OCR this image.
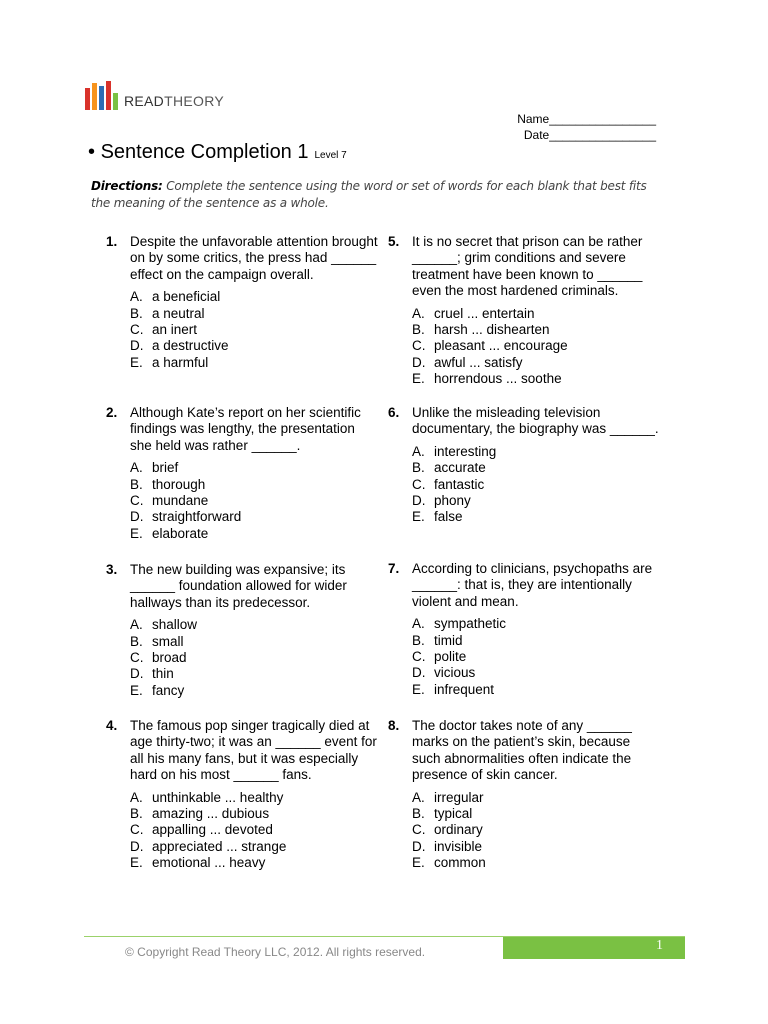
READTHEORY
Name________________
Date________________
• Sentence Completion 1 Level 7
Directions: Complete the sentence using the word or set of words for each blank that best fits the meaning of the sentence as a whole.
1. Despite the unfavorable attention brought on by some critics, the press had ______ effect on the campaign overall.
A. a beneficial
B. a neutral
C. an inert
D. a destructive
E. a harmful
2. Although Kate’s report on her scientific findings was lengthy, the presentation she held was rather ______.
A. brief
B. thorough
C. mundane
D. straightforward
E. elaborate
3. The new building was expansive; its ______ foundation allowed for wider hallways than its predecessor.
A. shallow
B. small
C. broad
D. thin
E. fancy
4. The famous pop singer tragically died at age thirty-two; it was an ______ event for all his many fans, but it was especially hard on his most ______ fans.
A. unthinkable ... healthy
B. amazing ... dubious
C. appalling ... devoted
D. appreciated ... strange
E. emotional ... heavy
5. It is no secret that prison can be rather ______; grim conditions and severe treatment have been known to ______ even the most hardened criminals.
A. cruel ... entertain
B. harsh ... dishearten
C. pleasant ... encourage
D. awful ... satisfy
E. horrendous ... soothe
6. Unlike the misleading television documentary, the biography was ______.
A. interesting
B. accurate
C. fantastic
D. phony
E. false
7. According to clinicians, psychopaths are ______: that is, they are intentionally violent and mean.
A. sympathetic
B. timid
C. polite
D. vicious
E. infrequent
8. The doctor takes note of any ______ marks on the patient’s skin, because such abnormalities often indicate the presence of skin cancer.
A. irregular
B. typical
C. ordinary
D. invisible
E. common
© Copyright Read Theory LLC, 2012. All rights reserved.	1
